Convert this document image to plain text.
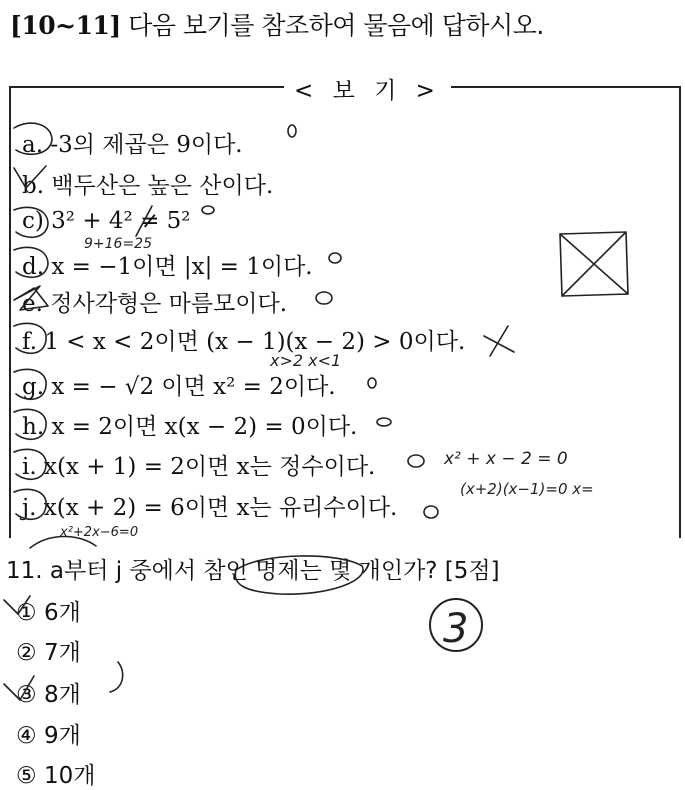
[10~11] 다음 보기를 참조하여 물음에 답하시오.
< 보 기 >
a. -3의 제곱은 9이다.
b. 백두산은 높은 산이다.
c) 3² + 4² ≠ 5²
d. x = −1이면 |x| = 1이다.
e. 정사각형은 마름모이다.
f. 1 < x < 2이면 (x − 1)(x − 2) > 0이다.
g. x = − √2 이면 x² = 2이다.
h. x = 2이면 x(x − 2) = 0이다.
i. x(x + 1) = 2이면 x는 정수이다.
j. x(x + 2) = 6이면 x는 유리수이다.
11. a부터 j 중에서 참인 명제는 몇 개인가? [5점]
① 6개
② 7개
③ 8개
④ 9개
⑤ 10개
3
9+16=25
x>2 x<1
x² + x − 2 = 0
(x+2)(x−1)=0 x=
x²+2x−6=0
